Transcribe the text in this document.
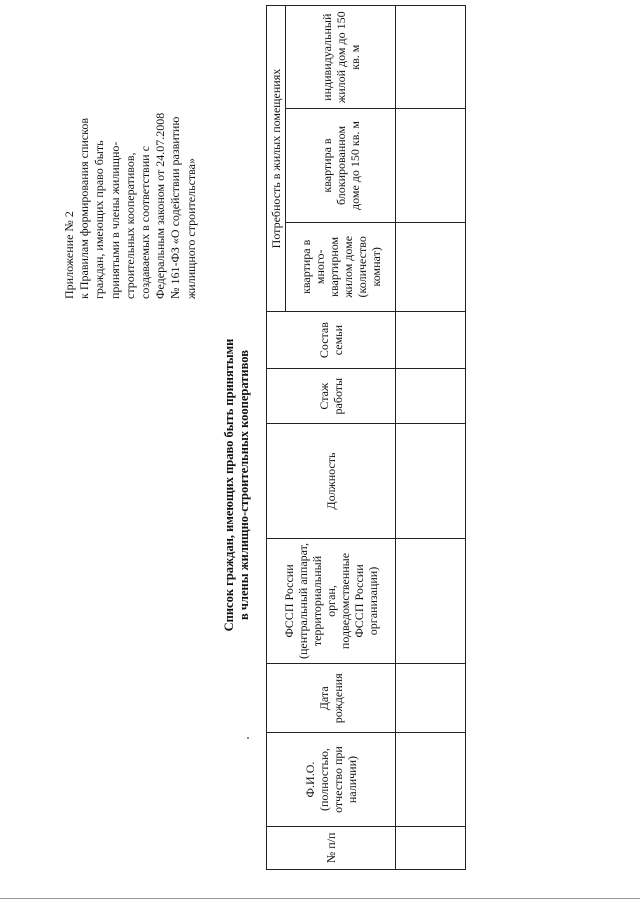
Приложение № 2 к Правилам формирования списков граждан, имеющих право быть принятыми в члены жилищно- строительных кооперативов, создаваемых в соответствии с Федеральным законом от 24.07.2008 № 161-ФЗ «О содействии развитию жилищного строительства»
Список граждан, имеющих право быть принятыми в члены жилищно-строительных кооперативов
№ п/п	Ф.И.О. (полностью, отчество при наличии)	Дата рождения	ФССП России (центральный аппарат, территориальный орган, подведомственные ФССП России организации)	Должность	Стаж работы	Состав семьи	Потребность в жилых помещениях		
							квартира в много-квартирном жилом доме (количество комнат)	квартира в блокированном доме до 150 кв. м	индивидуальный жилой дом до 150 кв. м
